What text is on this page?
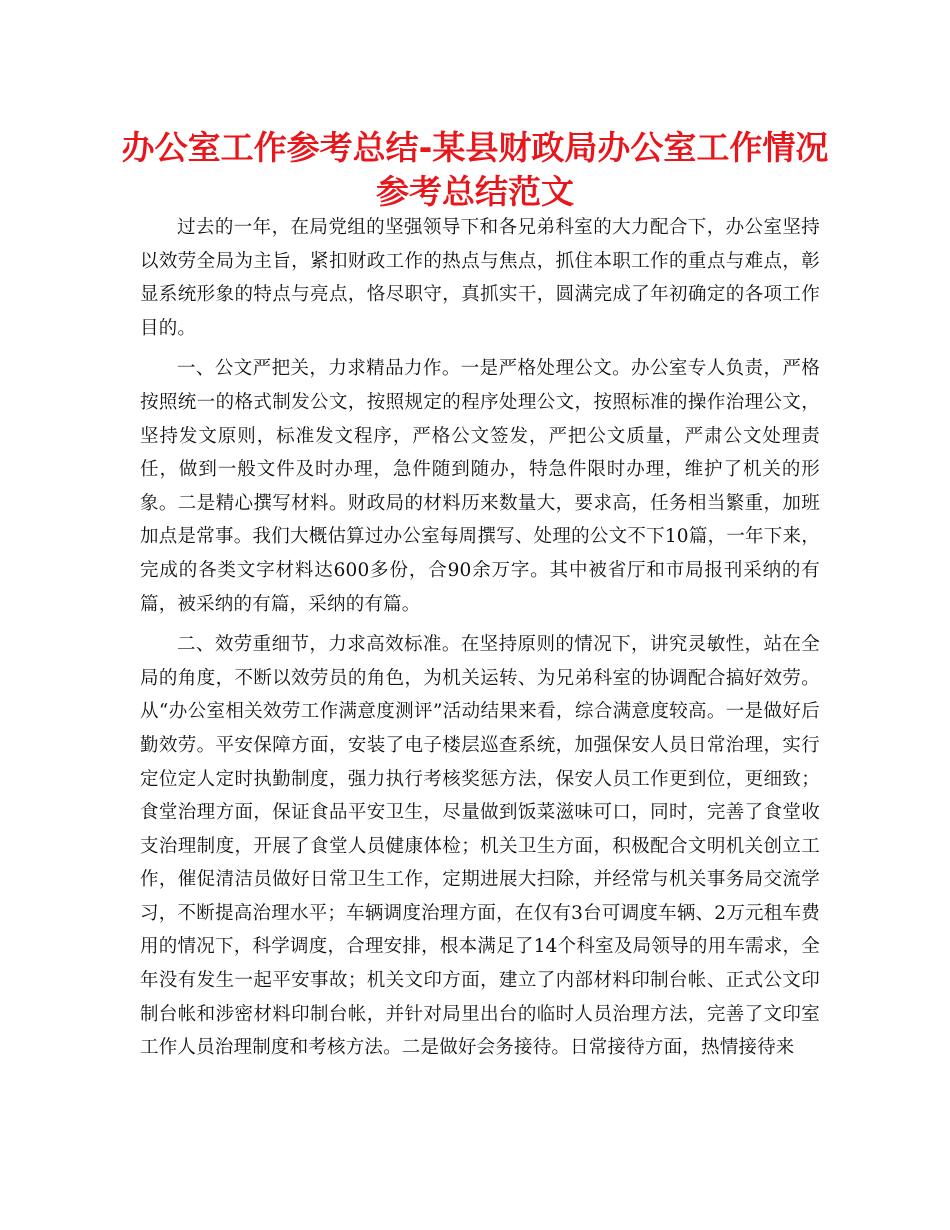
办公室工作参考总结-某县财政局办公室工作情况
参考总结范文

过去的一年，在局党组的坚强领导下和各兄弟科室的大力配合下，办公室坚持以效劳全局为主旨，紧扣财政工作的热点与焦点，抓住本职工作的重点与难点，彰显系统形象的特点与亮点，恪尽职守，真抓实干，圆满完成了年初确定的各项工作目的。

一、公文严把关，力求精品力作。一是严格处理公文。办公室专人负责，严格按照统一的格式制发公文，按照规定的程序处理公文，按照标准的操作治理公文，坚持发文原则，标准发文程序，严格公文签发，严把公文质量，严肃公文处理责任，做到一般文件及时办理，急件随到随办，特急件限时办理，维护了机关的形象。二是精心撰写材料。财政局的材料历来数量大，要求高，任务相当繁重，加班加点是常事。我们大概估算过办公室每周撰写、处理的公文不下10篇，一年下来，完成的各类文字材料达600多份，合90余万字。其中被省厅和市局报刊采纳的有篇，被采纳的有篇，采纳的有篇。

二、效劳重细节，力求高效标准。在坚持原则的情况下，讲究灵敏性，站在全局的角度，不断以效劳员的角色，为机关运转、为兄弟科室的协调配合搞好效劳。从“办公室相关效劳工作满意度测评”活动结果来看，综合满意度较高。一是做好后勤效劳。平安保障方面，安装了电子楼层巡查系统，加强保安人员日常治理，实行定位定人定时执勤制度，强力执行考核奖惩方法，保安人员工作更到位，更细致；食堂治理方面，保证食品平安卫生，尽量做到饭菜滋味可口，同时，完善了食堂收支治理制度，开展了食堂人员健康体检；机关卫生方面，积极配合文明机关创立工作，催促清洁员做好日常卫生工作，定期进展大扫除，并经常与机关事务局交流学习，不断提高治理水平；车辆调度治理方面，在仅有3台可调度车辆、2万元租车费用的情况下，科学调度，合理安排，根本满足了14个科室及局领导的用车需求，全年没有发生一起平安事故；机关文印方面，建立了内部材料印制台帐、正式公文印制台帐和涉密材料印制台帐，并针对局里出台的临时人员治理方法，完善了文印室工作人员治理制度和考核方法。二是做好会务接待。日常接待方面，热情接待来
